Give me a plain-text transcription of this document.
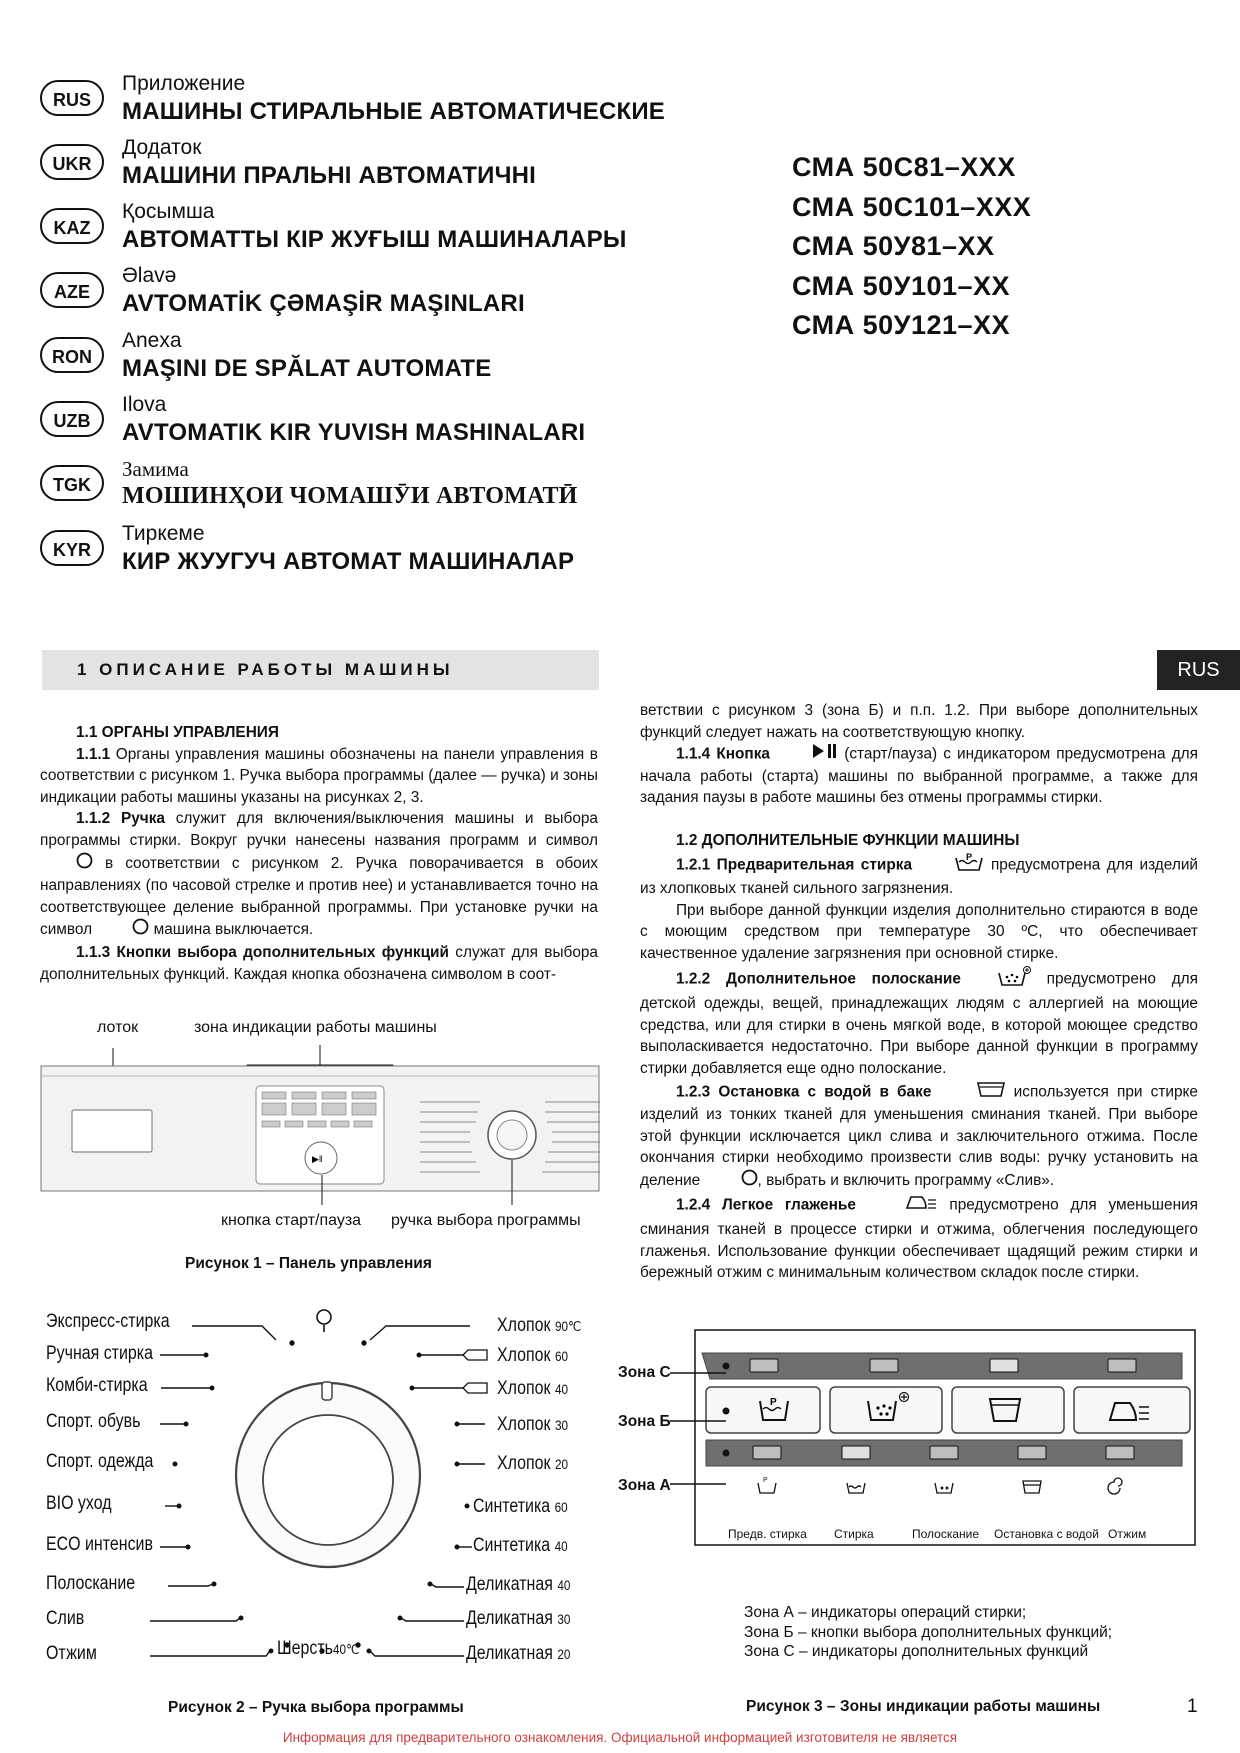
RUS
Приложение
МАШИНЫ СТИРАЛЬНЫЕ АВТОМАТИЧЕСКИЕ
UKR
Додаток
МАШИНИ ПРАЛЬНІ АВТОМАТИЧНІ
KAZ
Қосымша
АВТОМАТТЫ КІР ЖУҒЫШ МАШИНАЛАРЫ
AZE
Əlavə
AVTOMATİK ÇƏMAŞİR MAŞINLARI
RON
Anexa
MAŞINI DE SPĂLAT AUTOMATE
UZB
Ilova
AVTOMATIK KIR YUVISH MASHINALARI
TGK
Замима
МОШИНҲОИ ЧОМАШӮИ АВТОМАТӢ
KYR
Тиркеме
КИР ЖУУГУЧ АВТОМАТ МАШИНАЛАР
СМА 50С81–XXX
СМА 50С101–XXX
СМА 50У81–XX
СМА 50У101–XX
СМА 50У121–XX
1 ОПИСАНИЕ РАБОТЫ МАШИНЫ	RUS
1.1 ОРГАНЫ УПРАВЛЕНИЯ

1.1.1 Органы управления машины обозначены на панели управления в соответствии с рисунком 1. Ручка выбора программы (далее — ручка) и зоны индикации работы машины указаны на рисунках 2, 3.

1.1.2 Ручка служит для включения/выключения машины и выбора программы стирки. Вокруг ручки нанесены названия программ и символ  в соответствии с рисунком 2. Ручка поворачивается в обоих направлениях (по часовой стрелке и против нее) и устанавливается точно на соответствующее деление выбранной программы. При установке ручки на символ	машина выключается.

1.1.3 Кнопки выбора дополнительных функций служат для выбора дополнительных функций. Каждая кнопка обозначена символом в соот-

ветствии с рисунком 3 (зона Б) и п.п. 1.2. При выборе дополнительных функций следует нажать на соответствующую кнопку.

1.1.4 Кнопка	(старт/пауза) с индикатором предусмотрена для начала работы (старта) машины по выбранной программе, а также для задания паузы в работе машины без отмены программы стирки.

1.2 ДОПОЛНИТЕЛЬНЫЕ ФУНКЦИИ МАШИНЫ

1.2.1 Предварительная стирка	P предусмотрена для изделий из хлопковых тканей сильного загрязнения.

При выборе данной функции изделия дополнительно стираются в воде с моющим средством при температуре 30 ºС, что обеспечивает качественное удаление загрязнения при основной стирке.

1.2.2 Дополнительное полоскание	предусмотрено для детской одежды, вещей, принадлежащих людям с аллергией на моющие средства, или для стирки в очень мягкой воде, в которой моющее средство выполаскивается недостаточно. При выборе данной функции в программу стирки добавляется еще одно полоскание.

1.2.3 Остановка с водой в баке	используется при стирке изделий из тонких тканей для уменьшения сминания тканей. При выборе этой функции исключается цикл слива и заключительного отжима. После окончания стирки необходимо произвести слив воды: ручку установить на деление	, выбрать и включить программу «Слив».

1.2.4 Легкое глаженье	предусмотрено для уменьшения сминания тканей в процессе стирки и отжима, облегчения последующего глаженья. Использование функции обеспечивает щадящий режим стирки и бережный отжим с минимальным количеством складок после стирки.

лоток	зона индикации работы машины
▶ǁ
кнопка старт/пауза ручка выбора программы
Рисунок 1 – Панель управления
Экспресс-стирка
Ручная стирка
Комби-стирка
Спорт. обувь
Спорт. одежда
BIO уход
ECO интенсив
Полоскание
Слив
Отжим
Хлопок 90℃
Хлопок 60
Хлопок 40
Хлопок 30
Хлопок 20
Синтетика 60
Синтетика 40
Деликатная 40
Деликатная 30
Деликатная 20
Шерсть40℃
Рисунок 2 – Ручка выбора программы
P
P
Зона С
Зона Б
Зона А
Предв. стирка Стирка	Полоскание Остановка с водой Отжим
Зона А – индикаторы операций стирки;
Зона Б – кнопки выбора дополнительных функций;
Зона С – индикаторы дополнительных функций
Рисунок 3 – Зоны индикации работы машины	1
Информация для предварительного ознакомления. Официальной информацией изготовителя не является
